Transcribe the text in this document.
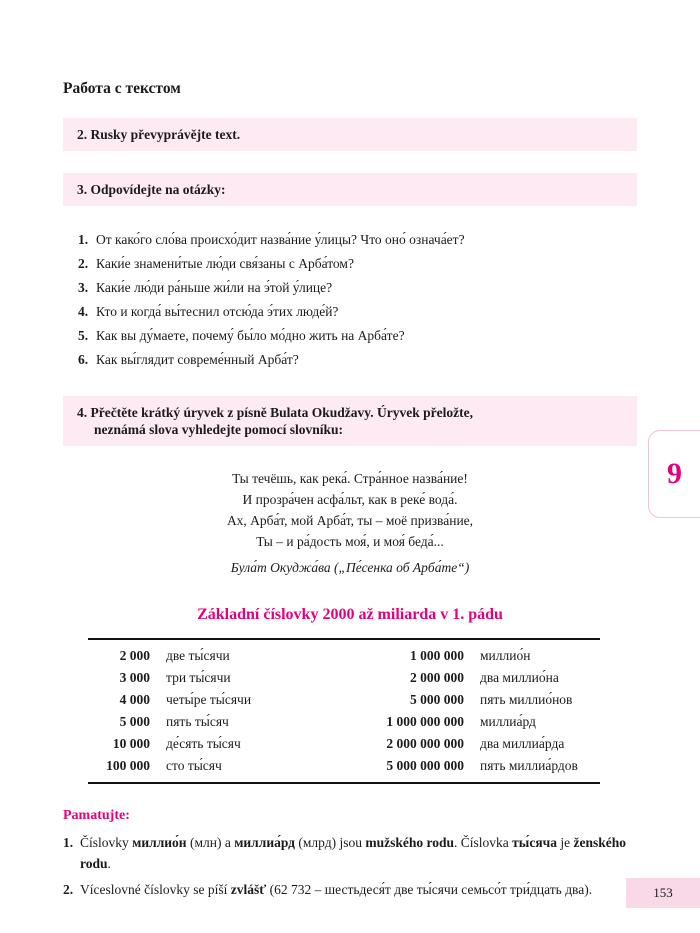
Работа с текстом
2. Rusky převyprávějte text.
3. Odpovídejte na otázky:
1. От како́го сло́ва происхо́дит назва́ние у́лицы? Что оно́ означа́ет?
2. Каки́е знамени́тые лю́ди свя́заны с Арба́том?
3. Каки́е лю́ди ра́ньше жи́ли на э́той у́лице?
4. Кто и когда́ вы́теснил отсю́да э́тих люде́й?
5. Как вы ду́маете, почему́ бы́ло мо́дно жить на Арба́те?
6. Как вы́глядит совреме́нный Арба́т?
4. Přečtěte krátký úryvek z písně Bulata Okudžavy. Úryvek přeložte,
neznámá slova vyhledejte pomocí slovníku:
Ты течёшь, как река́. Стра́нное назва́ние!
И прозра́чен асфа́льт, как в реке́ вода́.
Ах, Арба́т, мой Арба́т, ты – моё призва́ние,
Ты – и ра́дость моя́, и моя́ беда́...
Була́т Окуджа́ва („Пе́сенка об Арба́те“)
Základní číslovky 2000 až miliarda v 1. pádu
2 000	две ты́сячи	1 000 000	миллио́н
3 000	три ты́сячи	2 000 000	два миллио́на
4 000	четы́ре ты́сячи	5 000 000	пять миллио́нов
5 000	пять ты́сяч	1 000 000 000	миллиа́рд
10 000	де́сять ты́сяч	2 000 000 000	два миллиа́рда
100 000	сто ты́сяч	5 000 000 000	пять миллиа́рдов
Pamatujte:
1. Číslovky миллио́н (млн) a миллиа́рд (млрд) jsou mužského rodu. Číslovka ты́сяча je ženského rodu.
2. Víceslovné číslovky se píší zvlášť (62 732 – шестьдеся́т две ты́сячи семьсо́т три́дцать два).
9
153
